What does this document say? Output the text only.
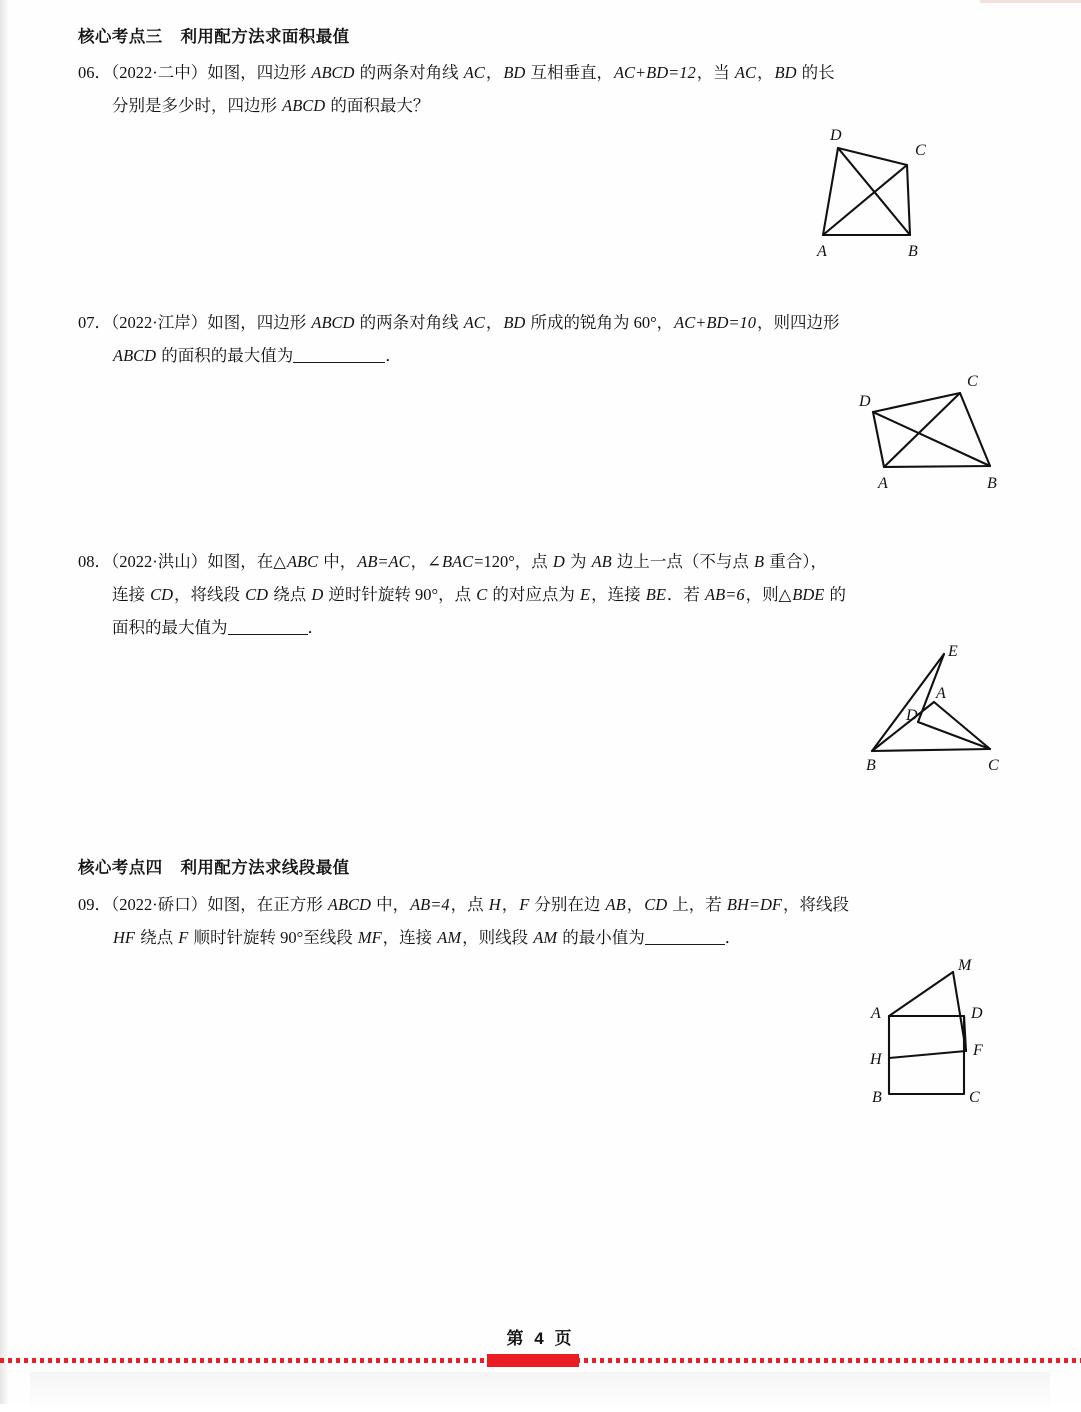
核心考点三 利用配方法求面积最值

06．（2022·二中）如图，四边形 ABCD 的两条对角线 AC，BD 互相垂直，AC+BD=12，当 AC，BD 的长

分别是多少时，四边形 ABCD 的面积最大？

A	B
C
D

07．（2022·江岸）如图，四边形 ABCD 的两条对角线 AC，BD 所成的锐角为 60°，AC+BD=10，则四边形

ABCD 的面积的最大值为	．

A	B
C
D

08．（2022·洪山）如图，在△ABC 中，AB=AC，∠BAC=120°，点 D 为 AB 边上一点（不与点 B 重合），

连接 CD，将线段 CD 绕点 D 逆时针旋转 90°，点 C 的对应点为 E，连接 BE．若 AB=6，则△BDE 的

面积的最大值为	．

A
B	C
D
E
核心考点四 利用配方法求线段最值

09．（2022·硚口）如图，在正方形 ABCD 中，AB=4，点 H，F 分别在边 AB，CD 上，若 BH=DF，将线段

HF 绕点 F 顺时针旋转 90°至线段 MF，连接 AM，则线段 AM 的最小值为	．

A
B	C
D
F
H
M
第 4 页
